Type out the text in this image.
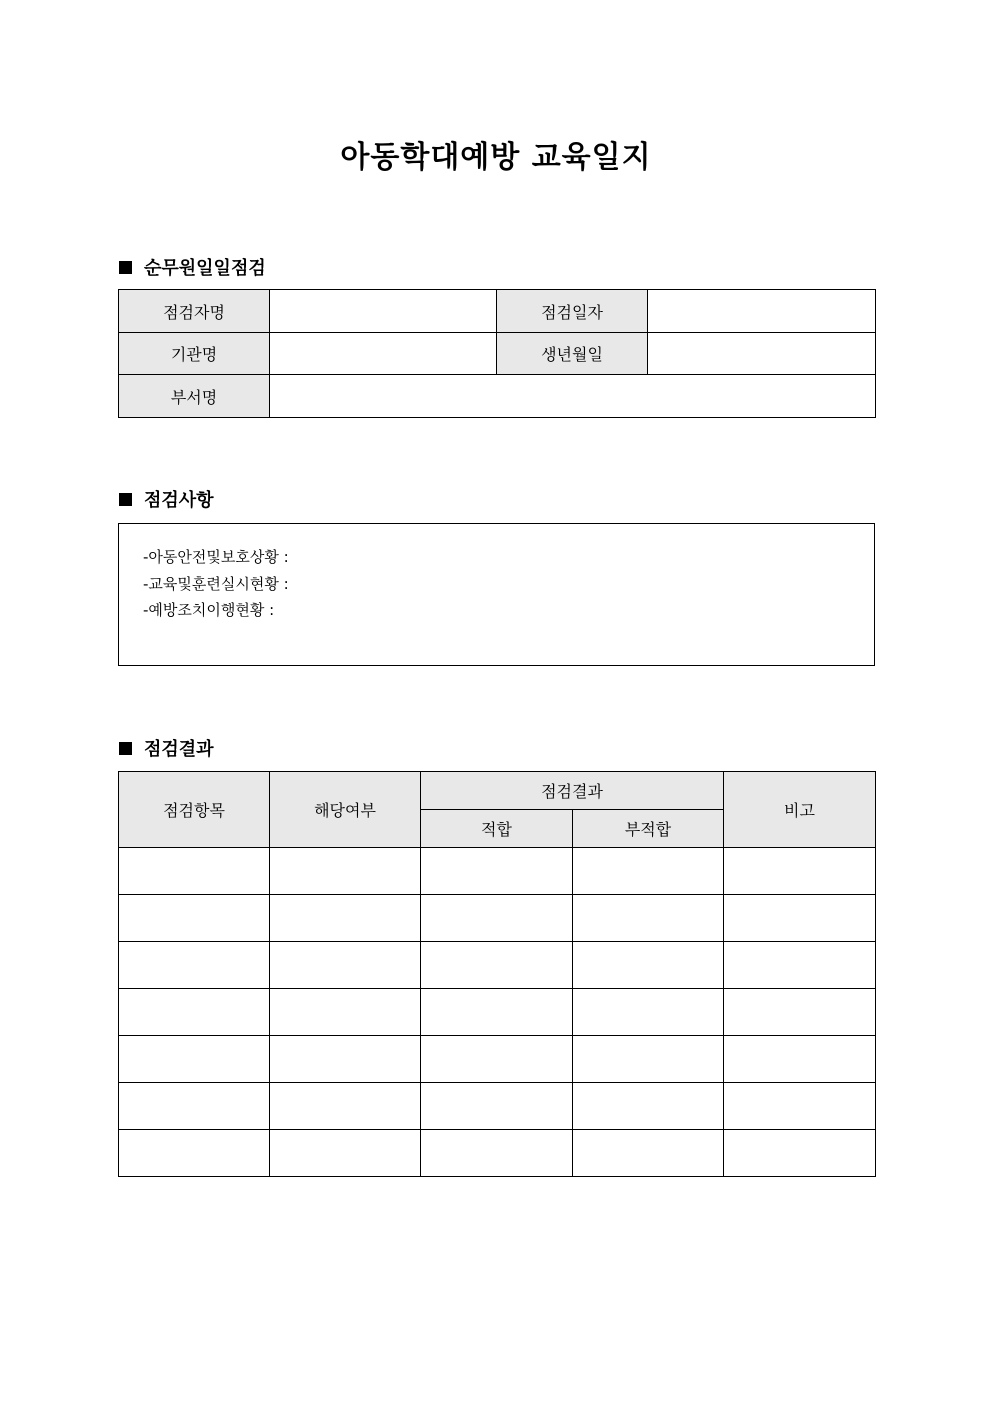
아동학대예방 교육일지
순무원일일점검
점검자명		점검일자	
기관명		생년월일	
부서명			
점검사항
-아동안전및보호상황 :
-교육및훈련실시현황 :
-예방조치이행현황 :
점검결과
점검항목	해당여부	점검결과		비고
		적합	부적합	
